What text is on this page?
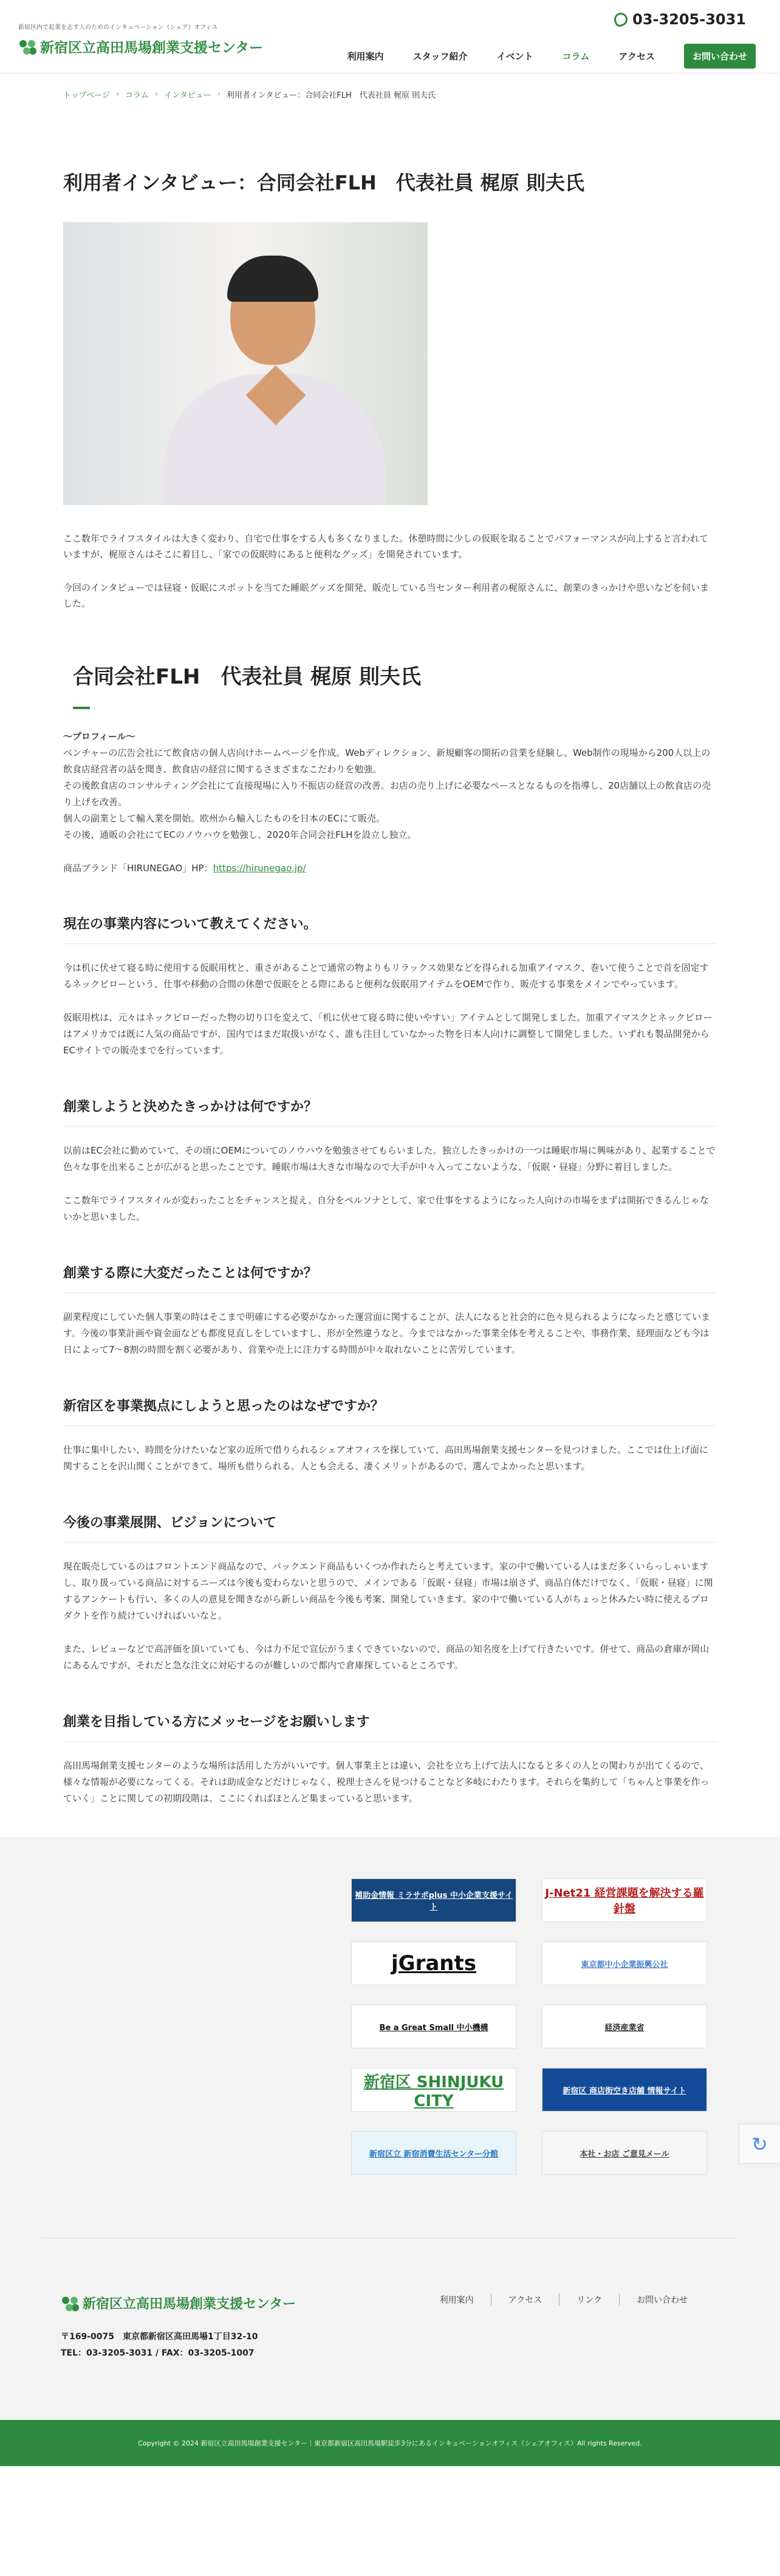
新宿区内で起業を志す人のためのインキュベーション（シェア）オフィス
新宿区立高田馬場創業支援センター
03-3205-3031
利用案内	スタッフ紹介	イベント	コラム	アクセス	お問い合わせ
トップページ › コラム › インタビュー › 利用者インタビュー：合同会社FLH　代表社員 梶原 則夫氏
利用者インタビュー：合同会社FLH　代表社員 梶原 則夫氏

ここ数年でライフスタイルは大きく変わり、自宅で仕事をする人も多くなりました。休憩時間に少しの仮眠を取ることでパフォーマンスが向上すると言われていますが、梶原さんはそこに着目し、「家での仮眠時にあると便利なグッズ」を開発されています。

今回のインタビューでは昼寝・仮眠にスポットを当てた睡眠グッズを開発、販売している当センター利用者の梶原さんに、創業のきっかけや思いなどを伺いました。

合同会社FLH　代表社員 梶原 則夫氏
〜プロフィール〜
ベンチャーの広告会社にて飲食店の個人店向けホームページを作成。Webディレクション、新規顧客の開拓の営業を経験し、Web制作の現場から200人以上の飲食店経営者の話を聞き、飲食店の経営に関するさまざまなこだわりを勉強。
その後飲食店のコンサルティング会社にて直接現場に入り不振店の経営の改善。お店の売り上げに必要なペースとなるものを指導し、20店舗以上の飲食店の売り上げを改善。
個人の副業として輸入業を開始。欧州から輸入したものを日本のECにて販売。
その後、通販の会社にてECのノウハウを勉強し、2020年合同会社FLHを設立し独立。

商品ブランド「HIRUNEGAO」HP：https://hirunegao.jp/

現在の事業内容について教えてください。

今は机に伏せて寝る時に使用する仮眠用枕と、重さがあることで通常の物よりもリラックス効果などを得られる加重アイマスク、巻いて使うことで首を固定するネックピローという、仕事や移動の合間の休憩で仮眠をとる際にあると便利な仮眠用アイテムをOEMで作り、販売する事業をメインでやっています。

仮眠用枕は、元々はネックピローだった物の切り口を変えて、「机に伏せて寝る時に使いやすい」アイテムとして開発しました。加重アイマスクとネックピローはアメリカでは既に人気の商品ですが、国内ではまだ取扱いがなく、誰も注目していなかった物を日本人向けに調整して開発しました。いずれも製品開発からECサイトでの販売までを行っています。

創業しようと決めたきっかけは何ですか？

以前はEC会社に勤めていて、その頃にOEMについてのノウハウを勉強させてもらいました。独立したきっかけの一つは睡眠市場に興味があり、起業することで色々な事を出来ることが広がると思ったことです。睡眠市場は大きな市場なので大手が中々入ってこないような、「仮眠・昼寝」分野に着目しました。

ここ数年でライフスタイルが変わったことをチャンスと捉え、自分をペルソナとして、家で仕事をするようになった人向けの市場をまずは開拓できるんじゃないかと思いました。

創業する際に大変だったことは何ですか？

副業程度にしていた個人事業の時はそこまで明確にする必要がなかった運営面に関することが、法人になると社会的に色々見られるようになったと感じています。今後の事業計画や資金面なども都度見直しをしていますし、形が全然違うなと。今まではなかった事業全体を考えることや、事務作業、経理面なども今は日によって7〜8割の時間を割く必要があり、営業や売上に注力する時間が中々取れないことに苦労しています。

新宿区を事業拠点にしようと思ったのはなぜですか？

仕事に集中したい、時間を分けたいなど家の近所で借りられるシェアオフィスを探していて、高田馬場創業支援センターを見つけました。ここでは仕上げ面に関することを沢山聞くことができて、場所も借りられる、人とも会える、凄くメリットがあるので、選んでよかったと思います。

今後の事業展開、ビジョンについて

現在販売しているのはフロントエンド商品なので、バックエンド商品もいくつか作れたらと考えています。家の中で働いている人はまだ多くいらっしゃいますし、取り扱っている商品に対するニーズは今後も変わらないと思うので、メインである「仮眠・昼寝」市場は崩さず、商品自体だけでなく、「仮眠・昼寝」に関するアンケートも行い、多くの人の意見を聞きながら新しい商品を今後も考案、開発していきます。家の中で働いている人がちょっと休みたい時に使えるプロダクトを作り続けていければいいなと。

また、レビューなどで高評価を頂いていても、今は力不足で宣伝がうまくできていないので、商品の知名度を上げて行きたいです。併せて、商品の倉庫が岡山にあるんですが、それだと急な注文に対応するのが難しいので都内で倉庫探しているところです。

創業を目指している方にメッセージをお願いします

高田馬場創業支援センターのような場所は活用した方がいいです。個人事業主とは違い、会社を立ち上げて法人になると多くの人との関わりが出てくるので、様々な情報が必要になってくる。それは助成金などだけじゃなく、税理士さんを見つけることなど多岐にわたります。それらを集約して「ちゃんと事業を作っていく」ことに関しての初期段階は、ここにくればほとんど集まっていると思います。

補助金情報 ミラサポplus 中小企業支援サイト
J-Net21 経営課題を解決する羅針盤
jGrants	東京都中小企業振興公社
Be a Great Small 中小機構	経済産業省
新宿区 SHINJUKU CITY
新宿区 商店街空き店舗 情報サイト
新宿区立 新宿消費生活センター分館	本社・お店 ご意見メール
↻
新宿区立高田馬場創業支援センター
〒169-0075　東京都新宿区高田馬場1丁目32-10
TEL：03-3205-3031 / FAX：03-3205-1007
利用案内	アクセス	リンク	お問い合わせ
Copyright © 2024 新宿区立高田馬場創業支援センター｜東京都新宿区高田馬場駅徒歩3分にあるインキュベーションオフィス（シェアオフィス）All rights Reserved.
